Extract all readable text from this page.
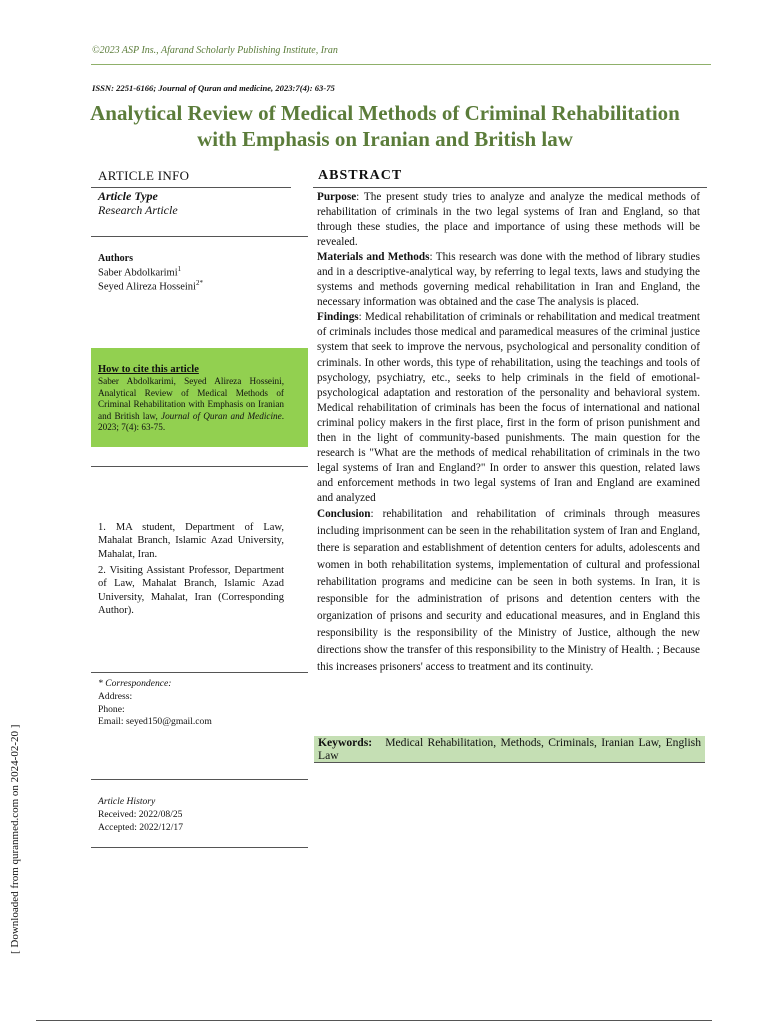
©2023 ASP Ins., Afarand Scholarly Publishing Institute, Iran
ISSN: 2251-6166; Journal of Quran and medicine, 2023:7(4): 63-75
Analytical Review of Medical Methods of Criminal Rehabilitation
with Emphasis on Iranian and British law
ARTICLE INFO
Article Type
Research Article
Authors
Saber Abdolkarimi$^1$
Seyed Alireza Hosseini$^{2*}$
How to cite this article
Saber Abdolkarimi, Seyed Alireza Hosseini, Analytical Review of Medical Methods of Criminal Rehabilitation with Emphasis on Iranian and British law, Journal of Quran and Medicine. 2023; 7(4): 63-75.
1. MA student, Department of Law, Mahalat Branch, Islamic Azad University, Mahalat, Iran.
2. Visiting Assistant Professor, Department of Law, Mahalat Branch, Islamic Azad University, Mahalat, Iran (Corresponding Author).
* Correspondence:
Address:
Phone:
Email: seyed150@gmail.com
Article History
Received: 2022/08/25
Accepted: 2022/12/17
ABSTRACT

Purpose: The present study tries to analyze and analyze the medical methods of rehabilitation of criminals in the two legal systems of Iran and England, so that through these studies, the place and importance of using these methods will be revealed.

Materials and Methods: This research was done with the method of library studies and in a descriptive-analytical way, by referring to legal texts, laws and studying the systems and methods governing medical rehabilitation in Iran and England, the necessary information was obtained and the case The analysis is placed.

Findings: Medical rehabilitation of criminals or rehabilitation and medical treatment of criminals includes those medical and paramedical measures of the criminal justice system that seek to improve the nervous, psychological and personality condition of criminals. In other words, this type of rehabilitation, using the teachings and tools of psychology, psychiatry, etc., seeks to help criminals in the field of emotional-psychological adaptation and restoration of the personality and behavioral system. Medical rehabilitation of criminals has been the focus of international and national criminal policy makers in the first place, first in the form of prison punishment and then in the light of community-based punishments. The main question for the research is "What are the methods of medical rehabilitation of criminals in the two legal systems of Iran and England?" In order to answer this question, related laws and enforcement methods in two legal systems of Iran and England are examined and analyzed

Conclusion: rehabilitation and rehabilitation of criminals through measures including imprisonment can be seen in the rehabilitation system of Iran and England, there is separation and establishment of detention centers for adults, adolescents and women in both rehabilitation systems, implementation of cultural and professional rehabilitation programs and medicine can be seen in both systems. In Iran, it is responsible for the administration of prisons and detention centers with the organization of prisons and security and educational measures, and in England this responsibility is the responsibility of the Ministry of Justice, although the new directions show the transfer of this responsibility to the Ministry of Health. ; Because this increases prisoners' access to treatment and its continuity.

Keywords: Medical Rehabilitation, Methods, Criminals, Iranian Law, English Law
[ Downloaded from quranmed.com on 2024-02-20 ]
